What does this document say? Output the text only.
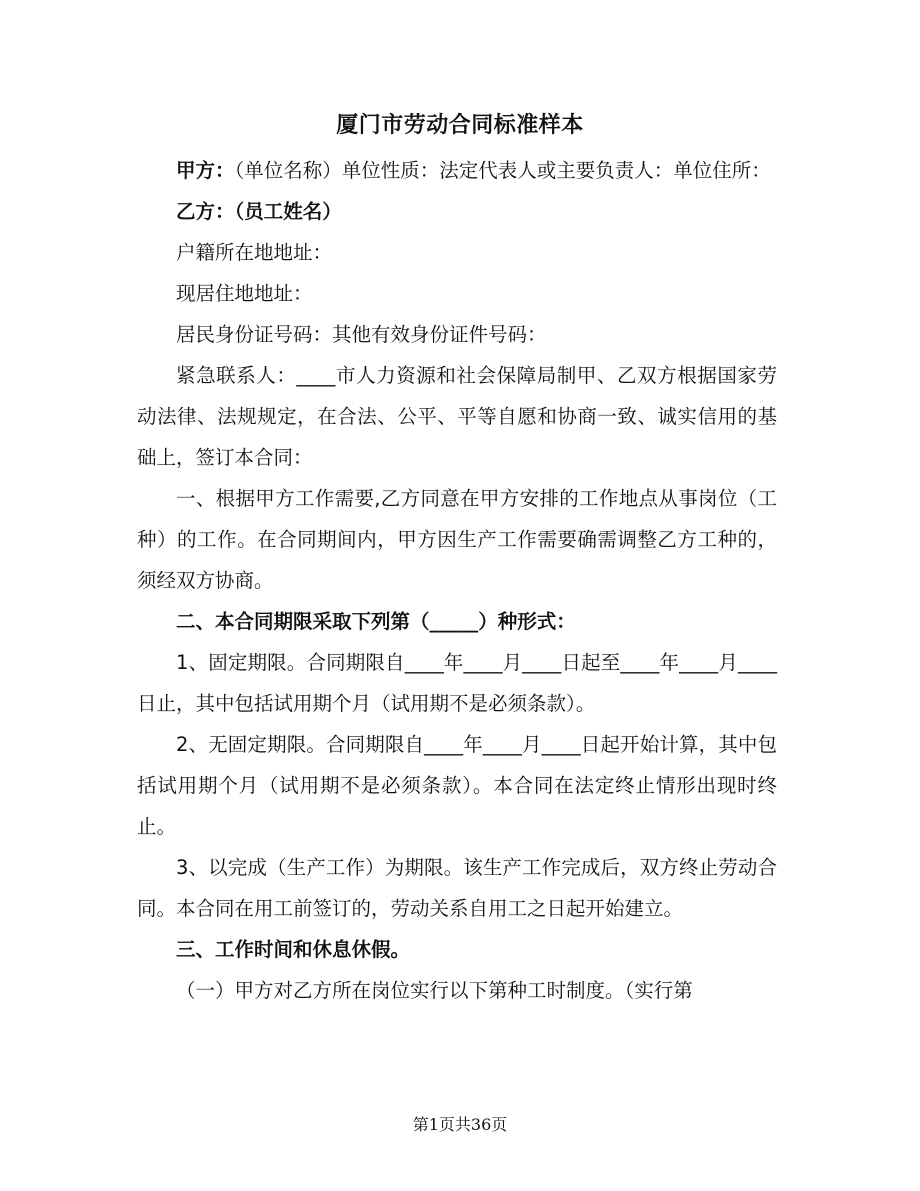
厦门市劳动合同标准样本

甲方：（单位名称）单位性质：法定代表人或主要负责人：单位住所：

乙方：（员工姓名）

户籍所在地地址：

现居住地地址：

居民身份证号码：其他有效身份证件号码：

紧急联系人：____市人力资源和社会保障局制甲、乙双方根据国家劳动法律、法规规定，在合法、公平、平等自愿和协商一致、诚实信用的基础上，签订本合同：

一、根据甲方工作需要,乙方同意在甲方安排的工作地点从事岗位（工种）的工作。在合同期间内，甲方因生产工作需要确需调整乙方工种的，须经双方协商。

二、本合同期限采取下列第（_____）种形式：

1、固定期限。合同期限自____年____月____日起至____年____月____日止，其中包括试用期个月（试用期不是必须条款）。

2、无固定期限。合同期限自____年____月____日起开始计算，其中包括试用期个月（试用期不是必须条款）。本合同在法定终止情形出现时终止。

3、以完成（生产工作）为期限。该生产工作完成后，双方终止劳动合同。本合同在用工前签订的，劳动关系自用工之日起开始建立。

三、工作时间和休息休假。

（一）甲方对乙方所在岗位实行以下第种工时制度。（实行第

第1页共36页
